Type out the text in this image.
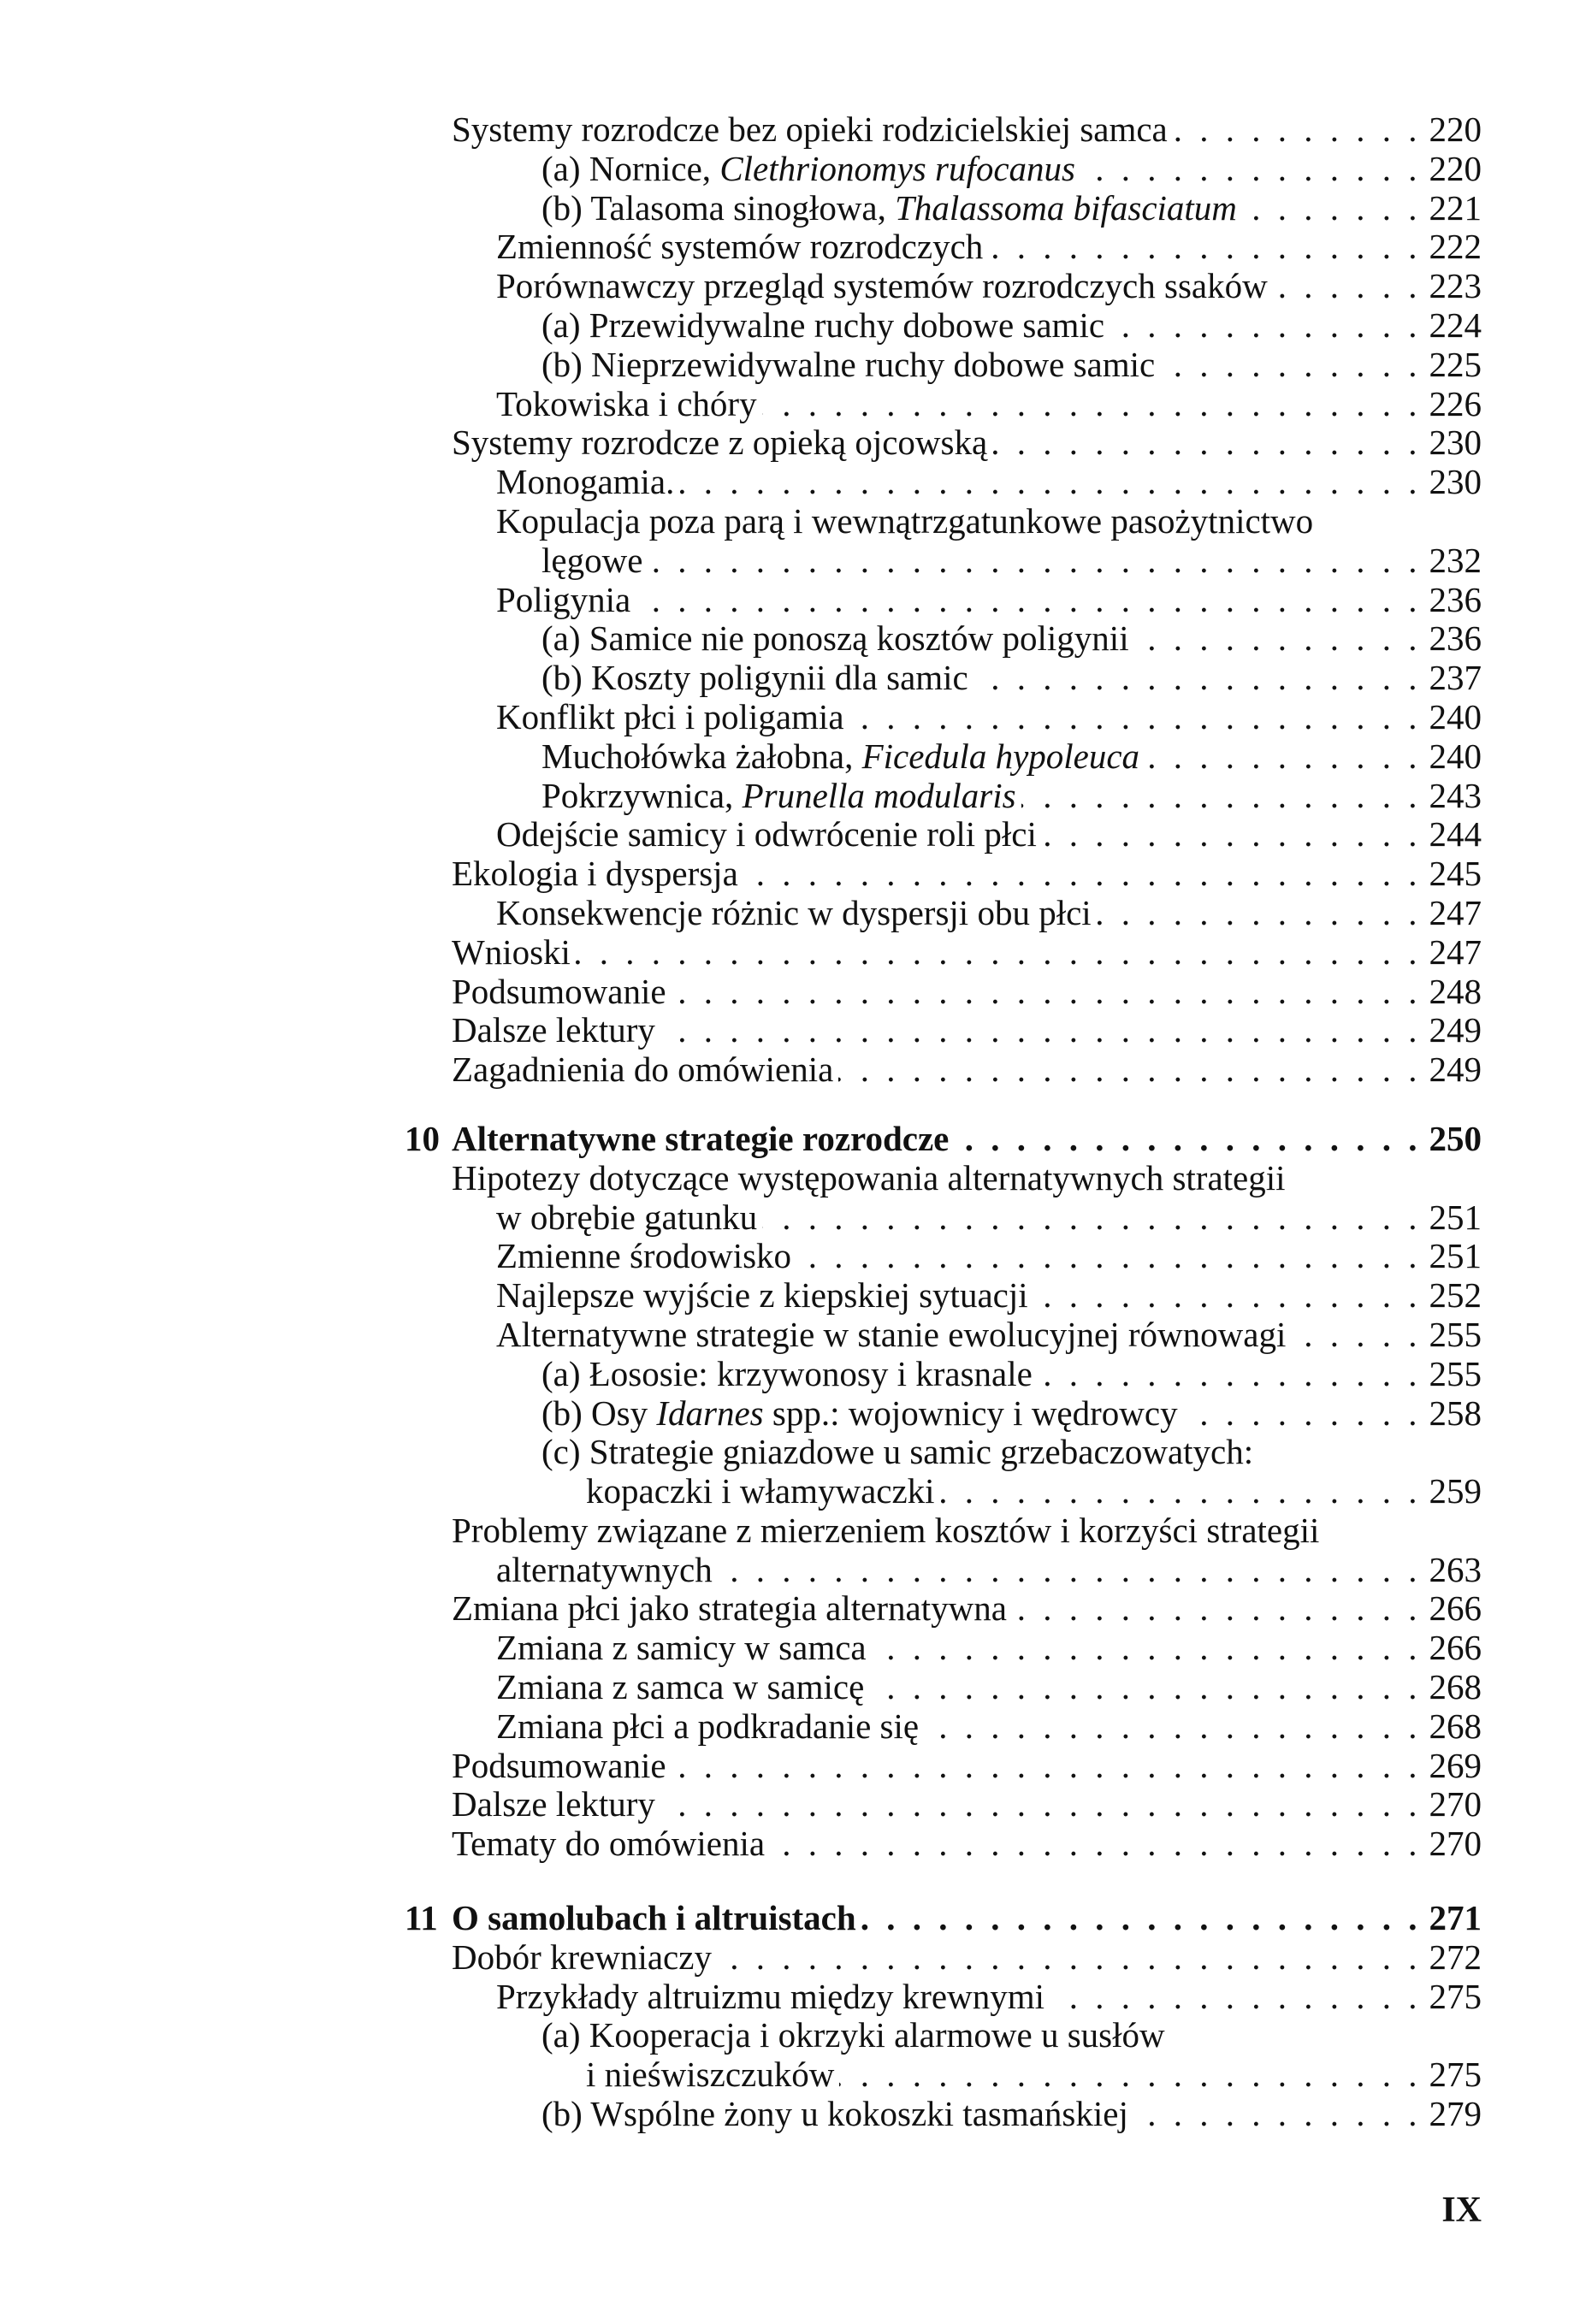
Systemy rozrodcze bez opieki rodzicielskiej samca . . .	220
(a) Nornice, Clethrionomys rufocanus . . .	220
(b) Talasoma sinogłowa, Thalassoma bifasciatum . . .	221
Zmienność systemów rozrodczych . . .	222
Porównawczy przegląd systemów rozrodczych ssaków . . .	223
(a) Przewidywalne ruchy dobowe samic . . .	224
(b) Nieprzewidywalne ruchy dobowe samic . . .	225
Tokowiska i chóry . . .	226
Systemy rozrodcze z opieką ojcowską . . .	230
Monogamia. . . .	230
Kopulacja poza parą i wewnątrzgatunkowe pasożytnictwo
lęgowe . . .	232
Poligynia . . .	236
(a) Samice nie ponoszą kosztów poligynii . . .	236
(b) Koszty poligynii dla samic . . .	237
Konflikt płci i poligamia . . .	240
Muchołówka żałobna, Ficedula hypoleuca . . .	240
Pokrzywnica, Prunella modularis . . .	243
Odejście samicy i odwrócenie roli płci . . .	244
Ekologia i dyspersja . . .	245
Konsekwencje różnic w dyspersji obu płci . . .	247
Wnioski . . .	247
Podsumowanie . . .	248
Dalsze lektury . . .	249
Zagadnienia do omówienia . . .	249
10 Alternatywne strategie rozrodcze . . .	250
Hipotezy dotyczące występowania alternatywnych strategii
w obrębie gatunku . . .	251
Zmienne środowisko . . .	251
Najlepsze wyjście z kiepskiej sytuacji . . .	252
Alternatywne strategie w stanie ewolucyjnej równowagi . . .	255
(a) Łososie: krzywonosy i krasnale . . .	255
(b) Osy Idarnes spp.: wojownicy i wędrowcy . . .	258
(c) Strategie gniazdowe u samic grzebaczowatych:
kopaczki i włamywaczki . . .	259
Problemy związane z mierzeniem kosztów i korzyści strategii
alternatywnych . . .	263
Zmiana płci jako strategia alternatywna . . .	266
Zmiana z samicy w samca . . .	266
Zmiana z samca w samicę . . .	268
Zmiana płci a podkradanie się . . .	268
Podsumowanie . . .	269
Dalsze lektury . . .	270
Tematy do omówienia . . .	270
11 O samolubach i altruistach . . .	271
Dobór krewniaczy . . .	272
Przykłady altruizmu między krewnymi . . .	275
(a) Kooperacja i okrzyki alarmowe u susłów
i nieświszczuków . . .	275
(b) Wspólne żony u kokoszki tasmańskiej . . .	279
IX
